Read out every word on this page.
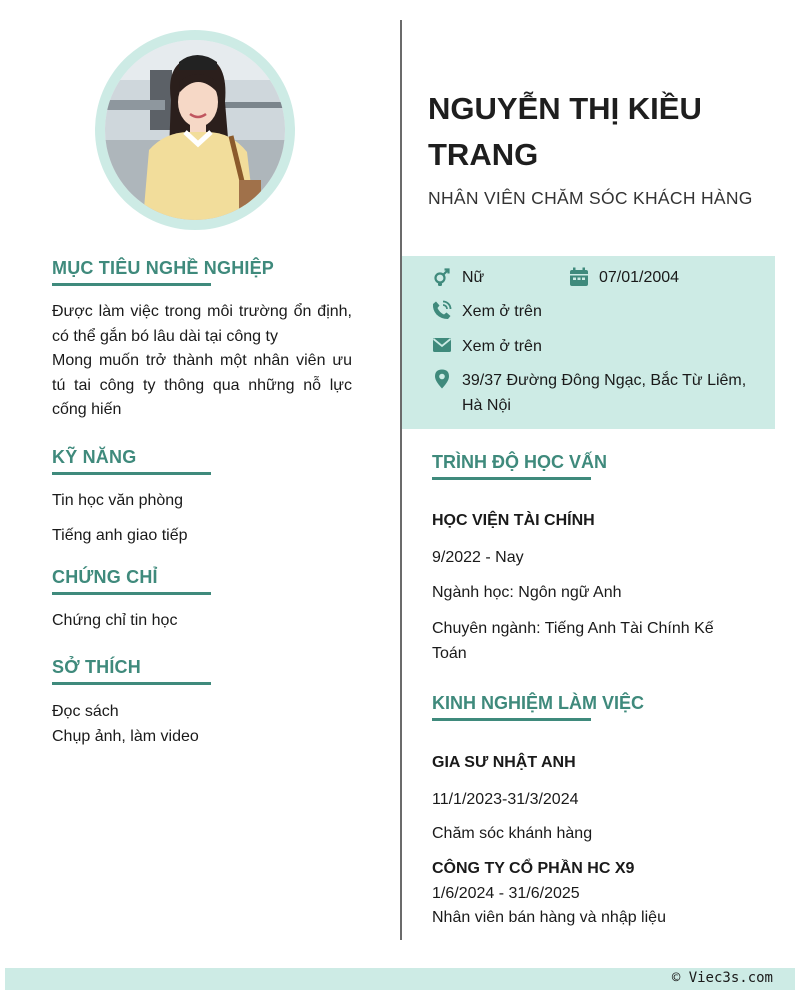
MỤC TIÊU NGHỀ NGHIỆP
Được làm việc trong môi trường ổn định, có thể gắn bó lâu dài tại công ty
Mong muốn trở thành một nhân viên ưu tú tai công ty thông qua những nỗ lực cống hiến
KỸ NĂNG
Tin học văn phòng
Tiếng anh giao tiếp
CHỨNG CHỈ
Chứng chỉ tin học
SỞ THÍCH
Đọc sách
Chụp ảnh, làm video
NGUYỄN THỊ KIỀU TRANG
NHÂN VIÊN CHĂM SÓC KHÁCH HÀNG
Nữ	07/01/2004
Xem ở trên
Xem ở trên
39/37 Đường Đông Ngạc, Bắc Từ Liêm, Hà Nội
TRÌNH ĐỘ HỌC VẤN
HỌC VIỆN TÀI CHÍNH
9/2022 - Nay
Ngành học: Ngôn ngữ Anh
Chuyên ngành: Tiếng Anh Tài Chính Kế Toán
KINH NGHIỆM LÀM VIỆC
GIA SƯ NHẬT ANH
11/1/2023-31/3/2024
Chăm sóc khánh hàng
CÔNG TY CỔ PHẦN HC X9
1/6/2024 - 31/6/2025
Nhân viên bán hàng và nhập liệu
© Viec3s.com
